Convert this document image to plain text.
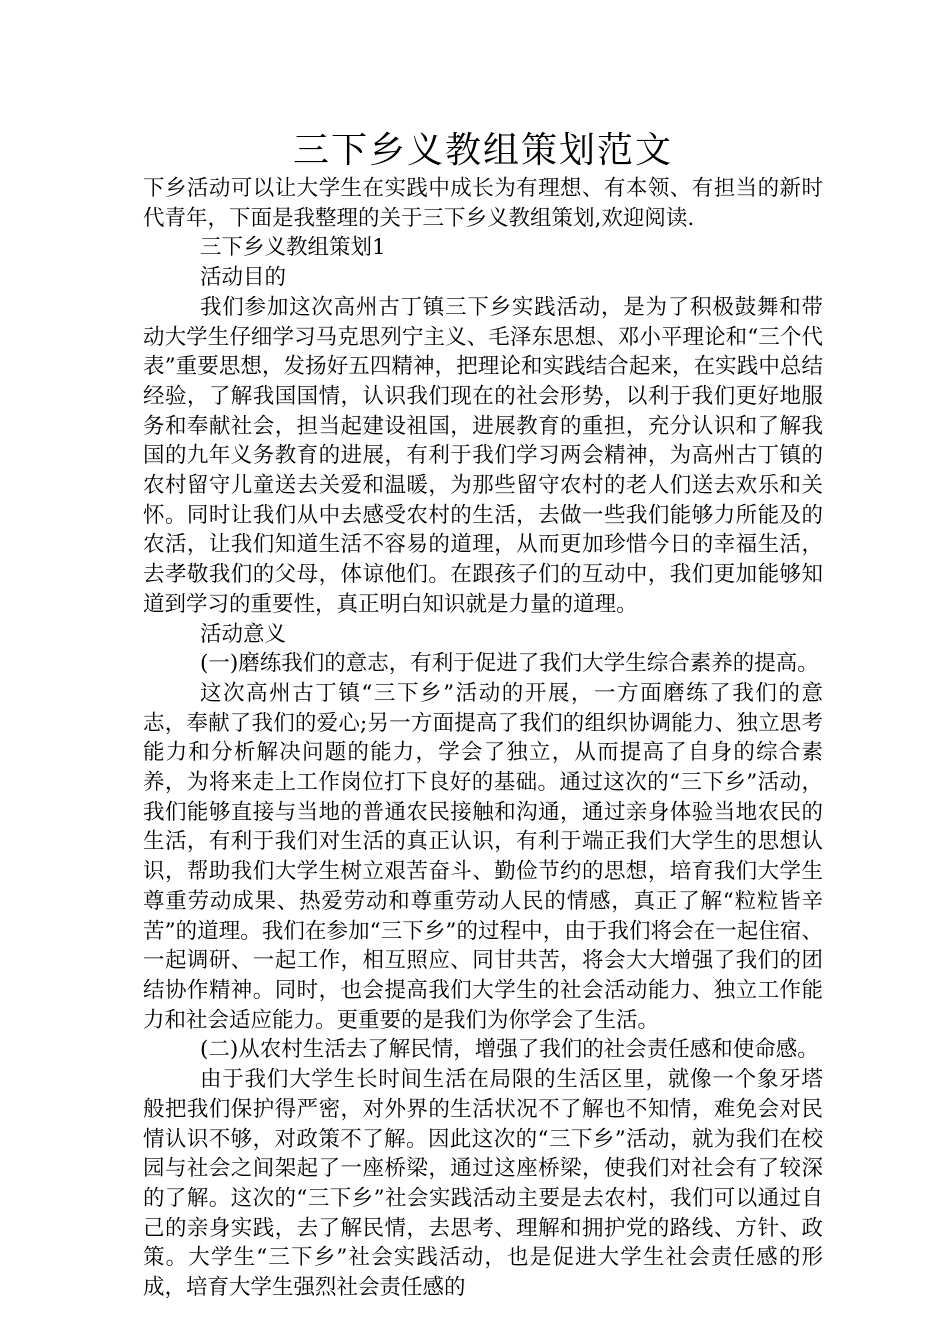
三下乡义教组策划范文

下乡活动可以让大学生在实践中成长为有理想、有本领、有担当的新时代青年，下面是我整理的关于三下乡义教组策划,欢迎阅读.

三下乡义教组策划1

活动目的

我们参加这次高州古丁镇三下乡实践活动，是为了积极鼓舞和带动大学生仔细学习马克思列宁主义、毛泽东思想、邓小平理论和“三个代表”重要思想，发扬好五四精神，把理论和实践结合起来，在实践中总结经验，了解我国国情，认识我们现在的社会形势，以利于我们更好地服务和奉献社会，担当起建设祖国，进展教育的重担，充分认识和了解我国的九年义务教育的进展，有利于我们学习两会精神，为高州古丁镇的农村留守儿童送去关爱和温暖，为那些留守农村的老人们送去欢乐和关怀。同时让我们从中去感受农村的生活，去做一些我们能够力所能及的农活，让我们知道生活不容易的道理，从而更加珍惜今日的幸福生活，去孝敬我们的父母，体谅他们。在跟孩子们的互动中，我们更加能够知道到学习的重要性，真正明白知识就是力量的道理。

活动意义

(一)磨练我们的意志，有利于促进了我们大学生综合素养的提高。

这次高州古丁镇“三下乡”活动的开展，一方面磨练了我们的意志，奉献了我们的爱心;另一方面提高了我们的组织协调能力、独立思考能力和分析解决问题的能力，学会了独立，从而提高了自身的综合素养，为将来走上工作岗位打下良好的基础。通过这次的“三下乡”活动，我们能够直接与当地的普通农民接触和沟通，通过亲身体验当地农民的生活，有利于我们对生活的真正认识，有利于端正我们大学生的思想认识，帮助我们大学生树立艰苦奋斗、勤俭节约的思想，培育我们大学生尊重劳动成果、热爱劳动和尊重劳动人民的情感，真正了解“粒粒皆辛苦”的道理。我们在参加“三下乡”的过程中，由于我们将会在一起住宿、一起调研、一起工作，相互照应、同甘共苦，将会大大增强了我们的团结协作精神。同时，也会提高我们大学生的社会活动能力、独立工作能力和社会适应能力。更重要的是我们为你学会了生活。

(二)从农村生活去了解民情，增强了我们的社会责任感和使命感。

由于我们大学生长时间生活在局限的生活区里，就像一个象牙塔般把我们保护得严密，对外界的生活状况不了解也不知情，难免会对民情认识不够，对政策不了解。因此这次的“三下乡”活动，就为我们在校园与社会之间架起了一座桥梁，通过这座桥梁，使我们对社会有了较深的了解。这次的“三下乡”社会实践活动主要是去农村，我们可以通过自己的亲身实践，去了解民情，去思考、理解和拥护党的路线、方针、政策。大学生“三下乡”社会实践活动，也是促进大学生社会责任感的形成，培育大学生强烈社会责任感的
